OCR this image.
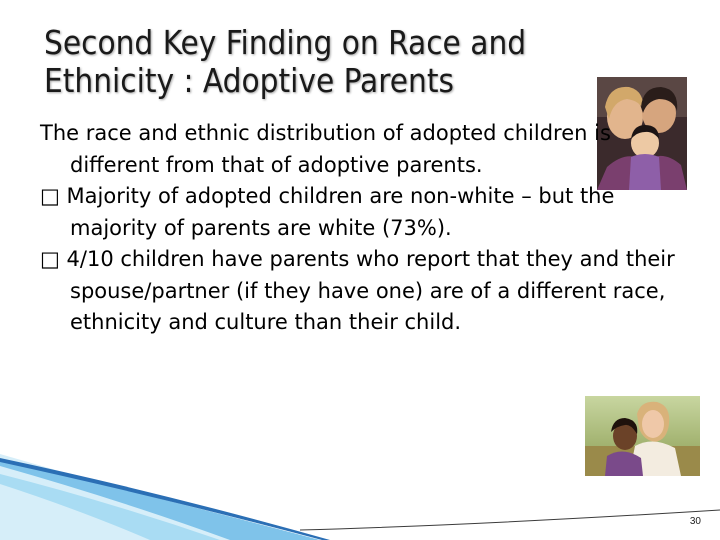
Second Key Finding on Race and
Ethnicity : Adoptive Parents

The race and ethnic distribution of adopted children is different from that of adoptive parents.

□ Majority of adopted children are non-white – but the majority of parents are white (73%).

□ 4/10 children have parents who report that they and their spouse/partner (if they have one) are of a different race, ethnicity and culture than their child.

30
